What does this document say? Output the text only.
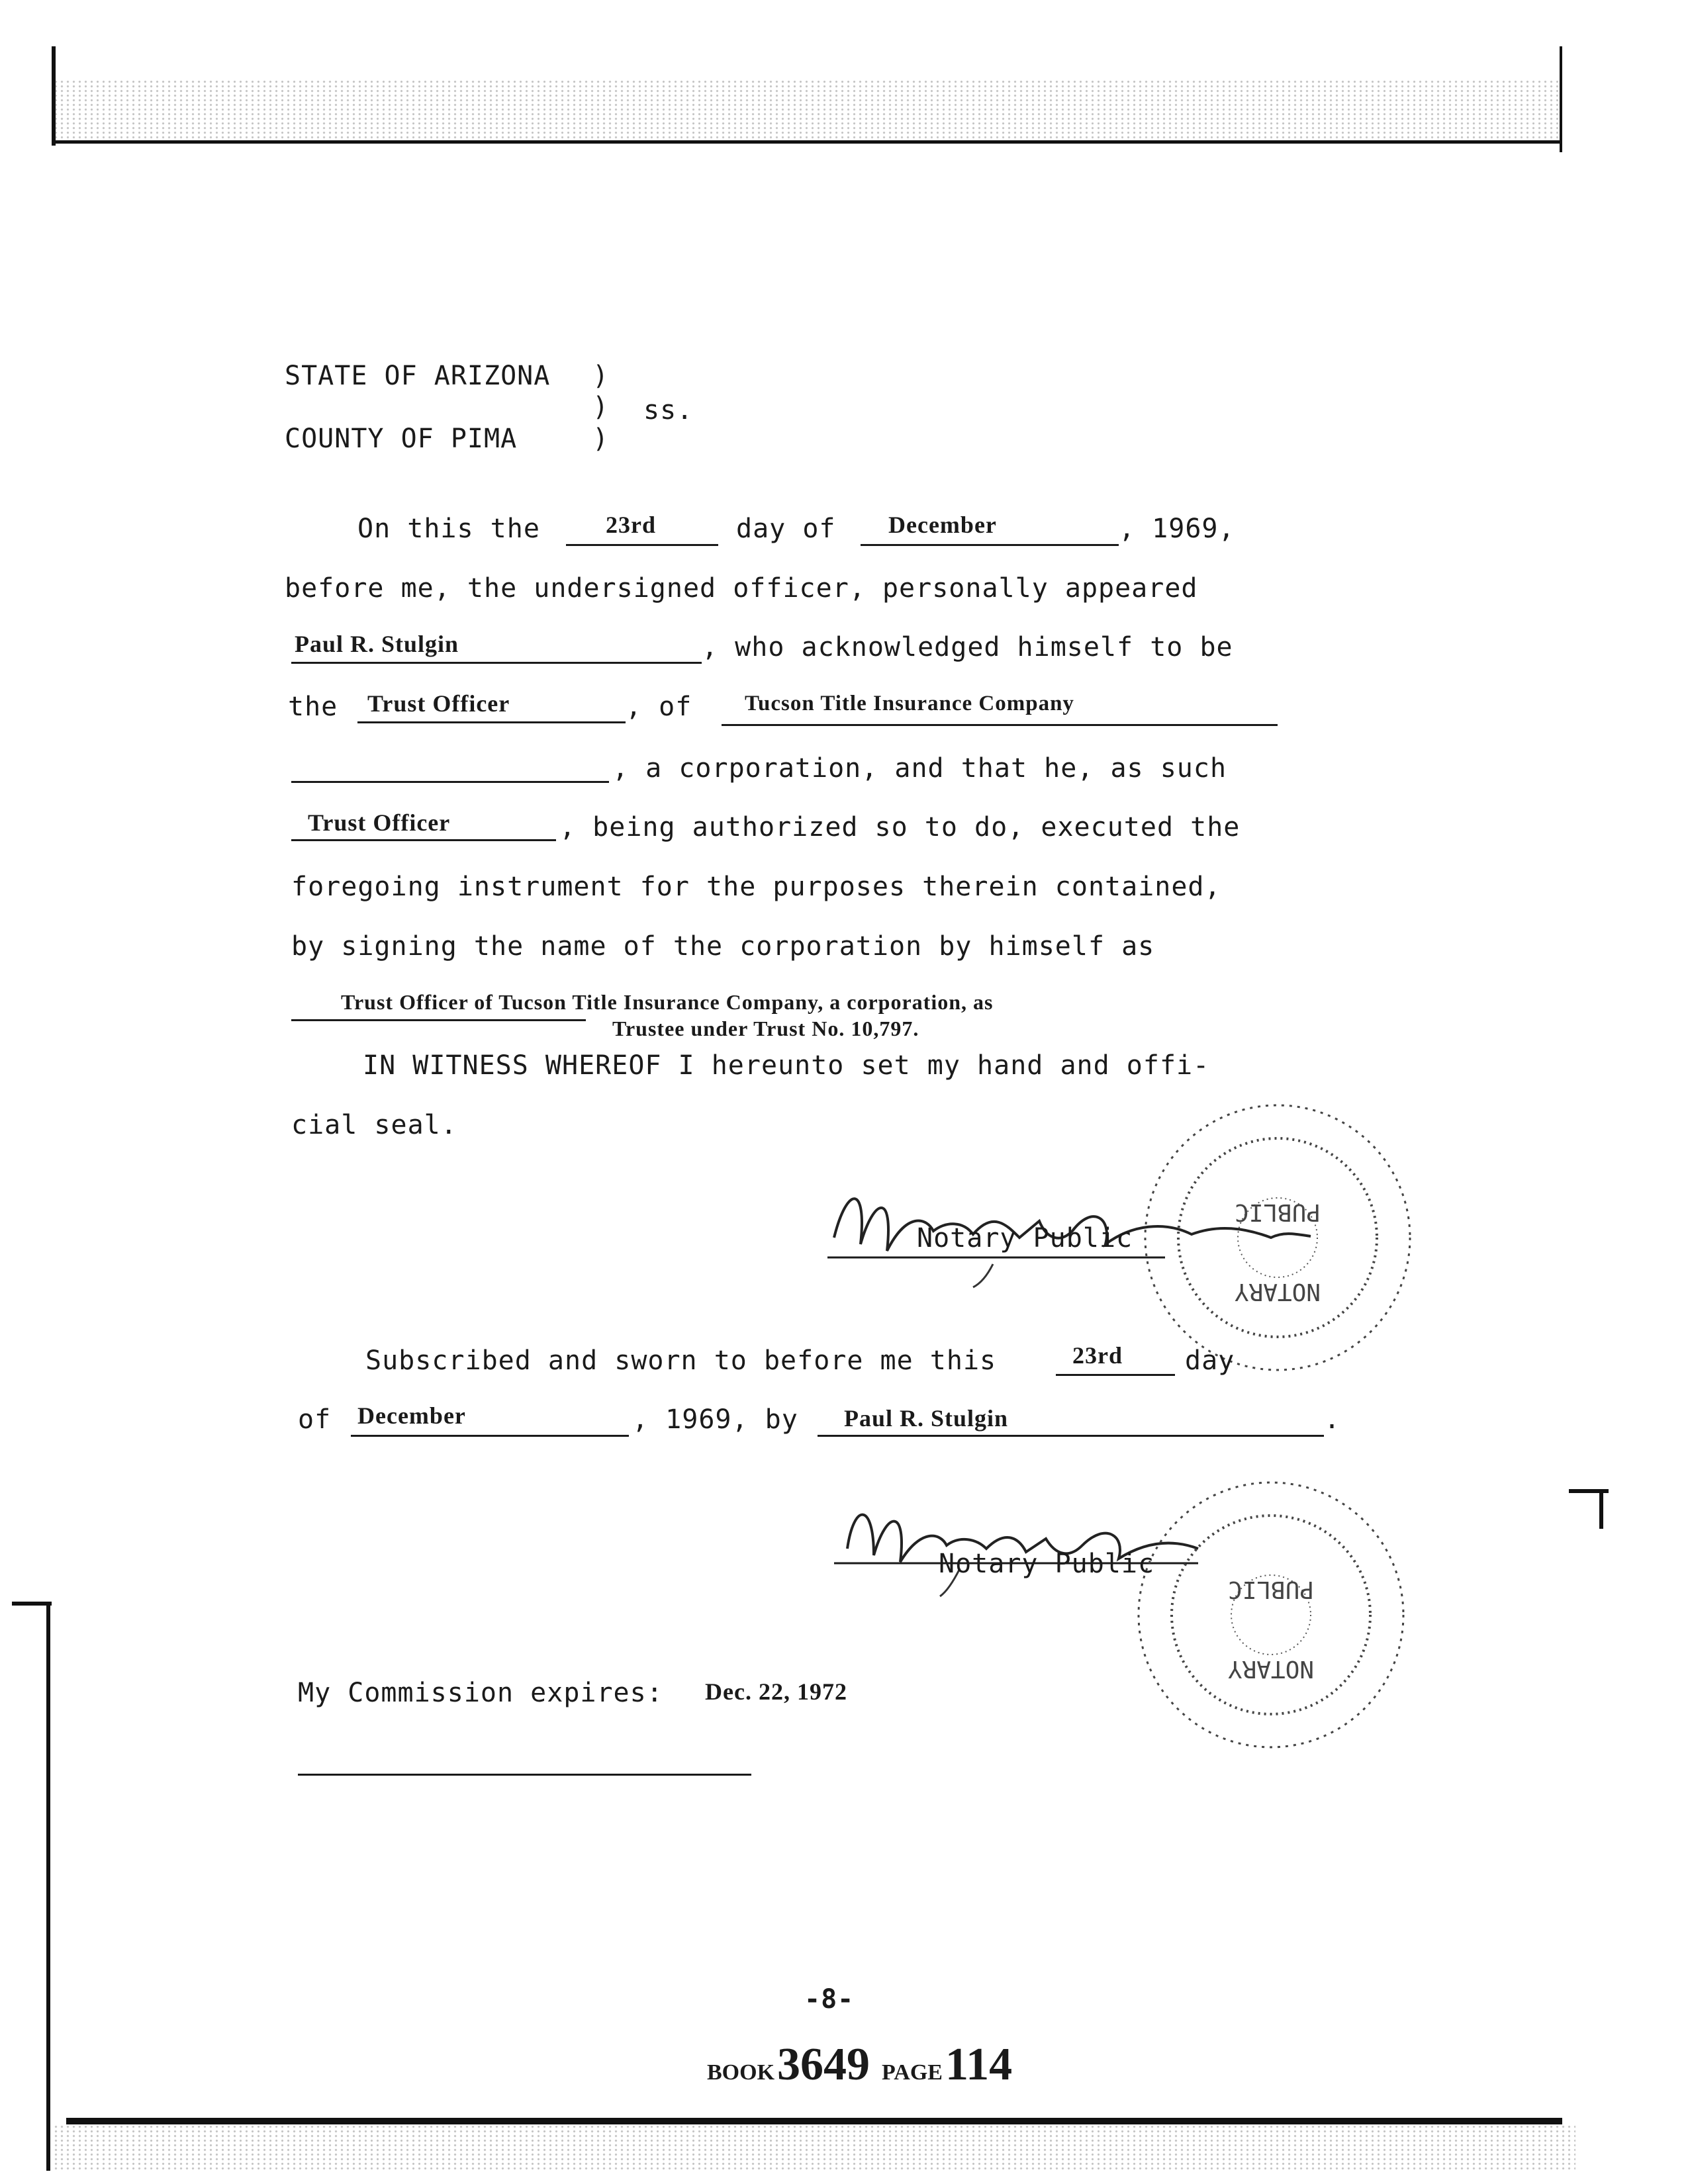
STATE OF ARIZONA )
) ss.
COUNTY OF PIMA	)
On this the	23rd	day of December	, 1969,
before me, the undersigned officer, personally appeared
Paul R. Stulgin	, who acknowledged himself to be
the Trust Officer	, of Tucson Title Insurance Company
, a corporation, and that he, as such
Trust Officer	, being authorized so to do, executed the
foregoing instrument for the purposes therein contained,
by signing the name of the corporation by himself as
Trust Officer of Tucson Title Insurance Company, a corporation, as
Trustee under Trust No. 10,797.
IN WITNESS WHEREOF I hereunto set my hand and offi-
cial seal.
Notary Public
PUBLIC
NOTARY
Subscribed and sworn to before me this	23rd day
of December	, 1969, by Paul R. Stulgin	.
Notary Public
PUBLIC
NOTARY
My Commission expires: Dec. 22, 1972
-8-
BOOK 3649 PAGE 114
